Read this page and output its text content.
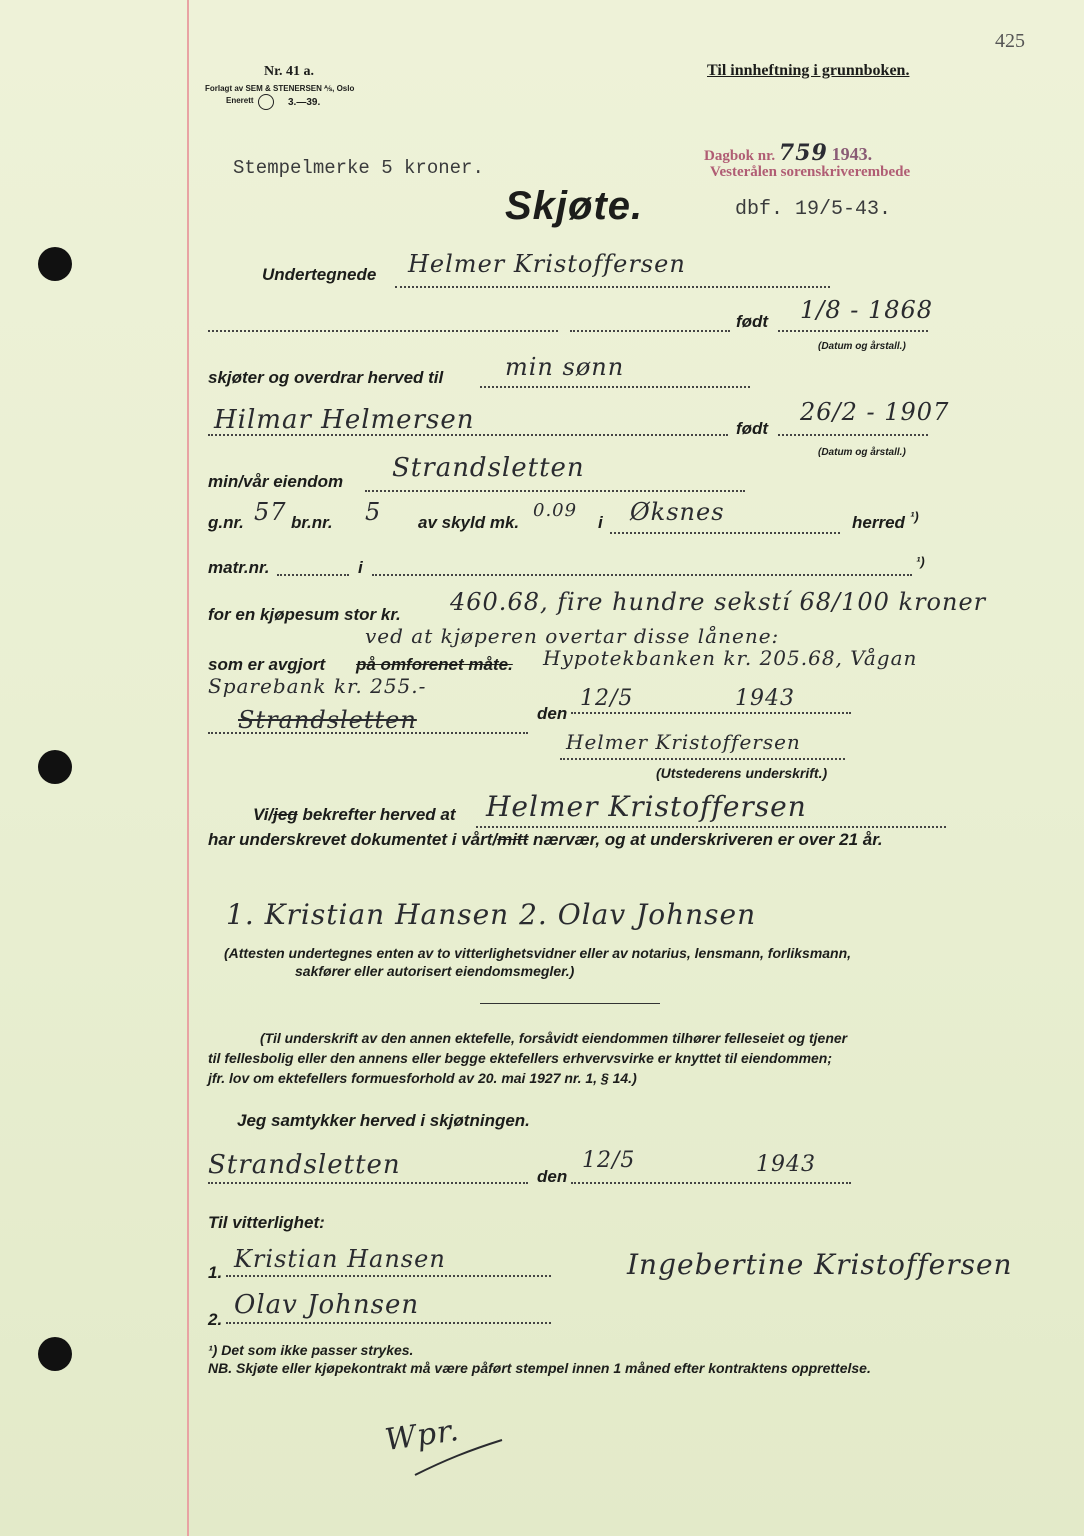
425
Nr. 41 a.
Forlagt av SEM & STENERSEN ⅍, Oslo
Enerett	3.—39.
Til innheftning i grunnboken.
Dagbok nr. 759 1943.
Vesterålen sorenskriverembede
Stempelmerke 5 kroner.
Skjøte.	dbf. 19/5-43.
Undertegnede Helmer Kristoffersen
født 1/8 - 1868
(Datum og årstall.)
skjøter og overdrar herved til	min sønn
Hilmar Helmersen	født
26/2 - 1907
(Datum og årstall.)
min/vår eiendom Strandsletten
g.nr. 57 br.nr. 5 av skyld mk.
0.09
i Øksnes	herred ¹)
matr.nr.	i	¹)
for en kjøpesum stor kr. 460.68, fire hundre sekstí 68/100 kroner
ved at kjøperen overtar disse lånene:
som er avgjort på omforenet måte. Hypotekbanken kr. 205.68, Vågan
Sparebank kr. 255.-
Strandsletten	den
12/5	1943
Helmer Kristoffersen
(Utstederens underskrift.)
Vi/jeg bekrefter herved at Helmer Kristoffersen
har underskrevet dokumentet i vårt/mitt nærvær, og at underskriveren er over 21 år.
1. Kristian Hansen 2. Olav Johnsen
(Attesten undertegnes enten av to vitterlighetsvidner eller av notarius, lensmann, forliksmann,
sakfører eller autorisert eiendomsmegler.)
(Til underskrift av den annen ektefelle, forsåvidt eiendommen tilhører felleseiet og tjener
til fellesbolig eller den annens eller begge ektefellers erhvervsvirke er knyttet til eiendommen;
jfr. lov om ektefellers formuesforhold av 20. mai 1927 nr. 1, § 14.)
Jeg samtykker herved i skjøtningen.
Strandsletten	den
12/5	1943
Til vitterlighet:
1. Kristian Hansen	Ingebertine Kristoffersen
2. Olav Johnsen
¹) Det som ikke passer strykes.
NB. Skjøte eller kjøpekontrakt må være påført stempel innen 1 måned efter kontraktens opprettelse.
Wpr.
